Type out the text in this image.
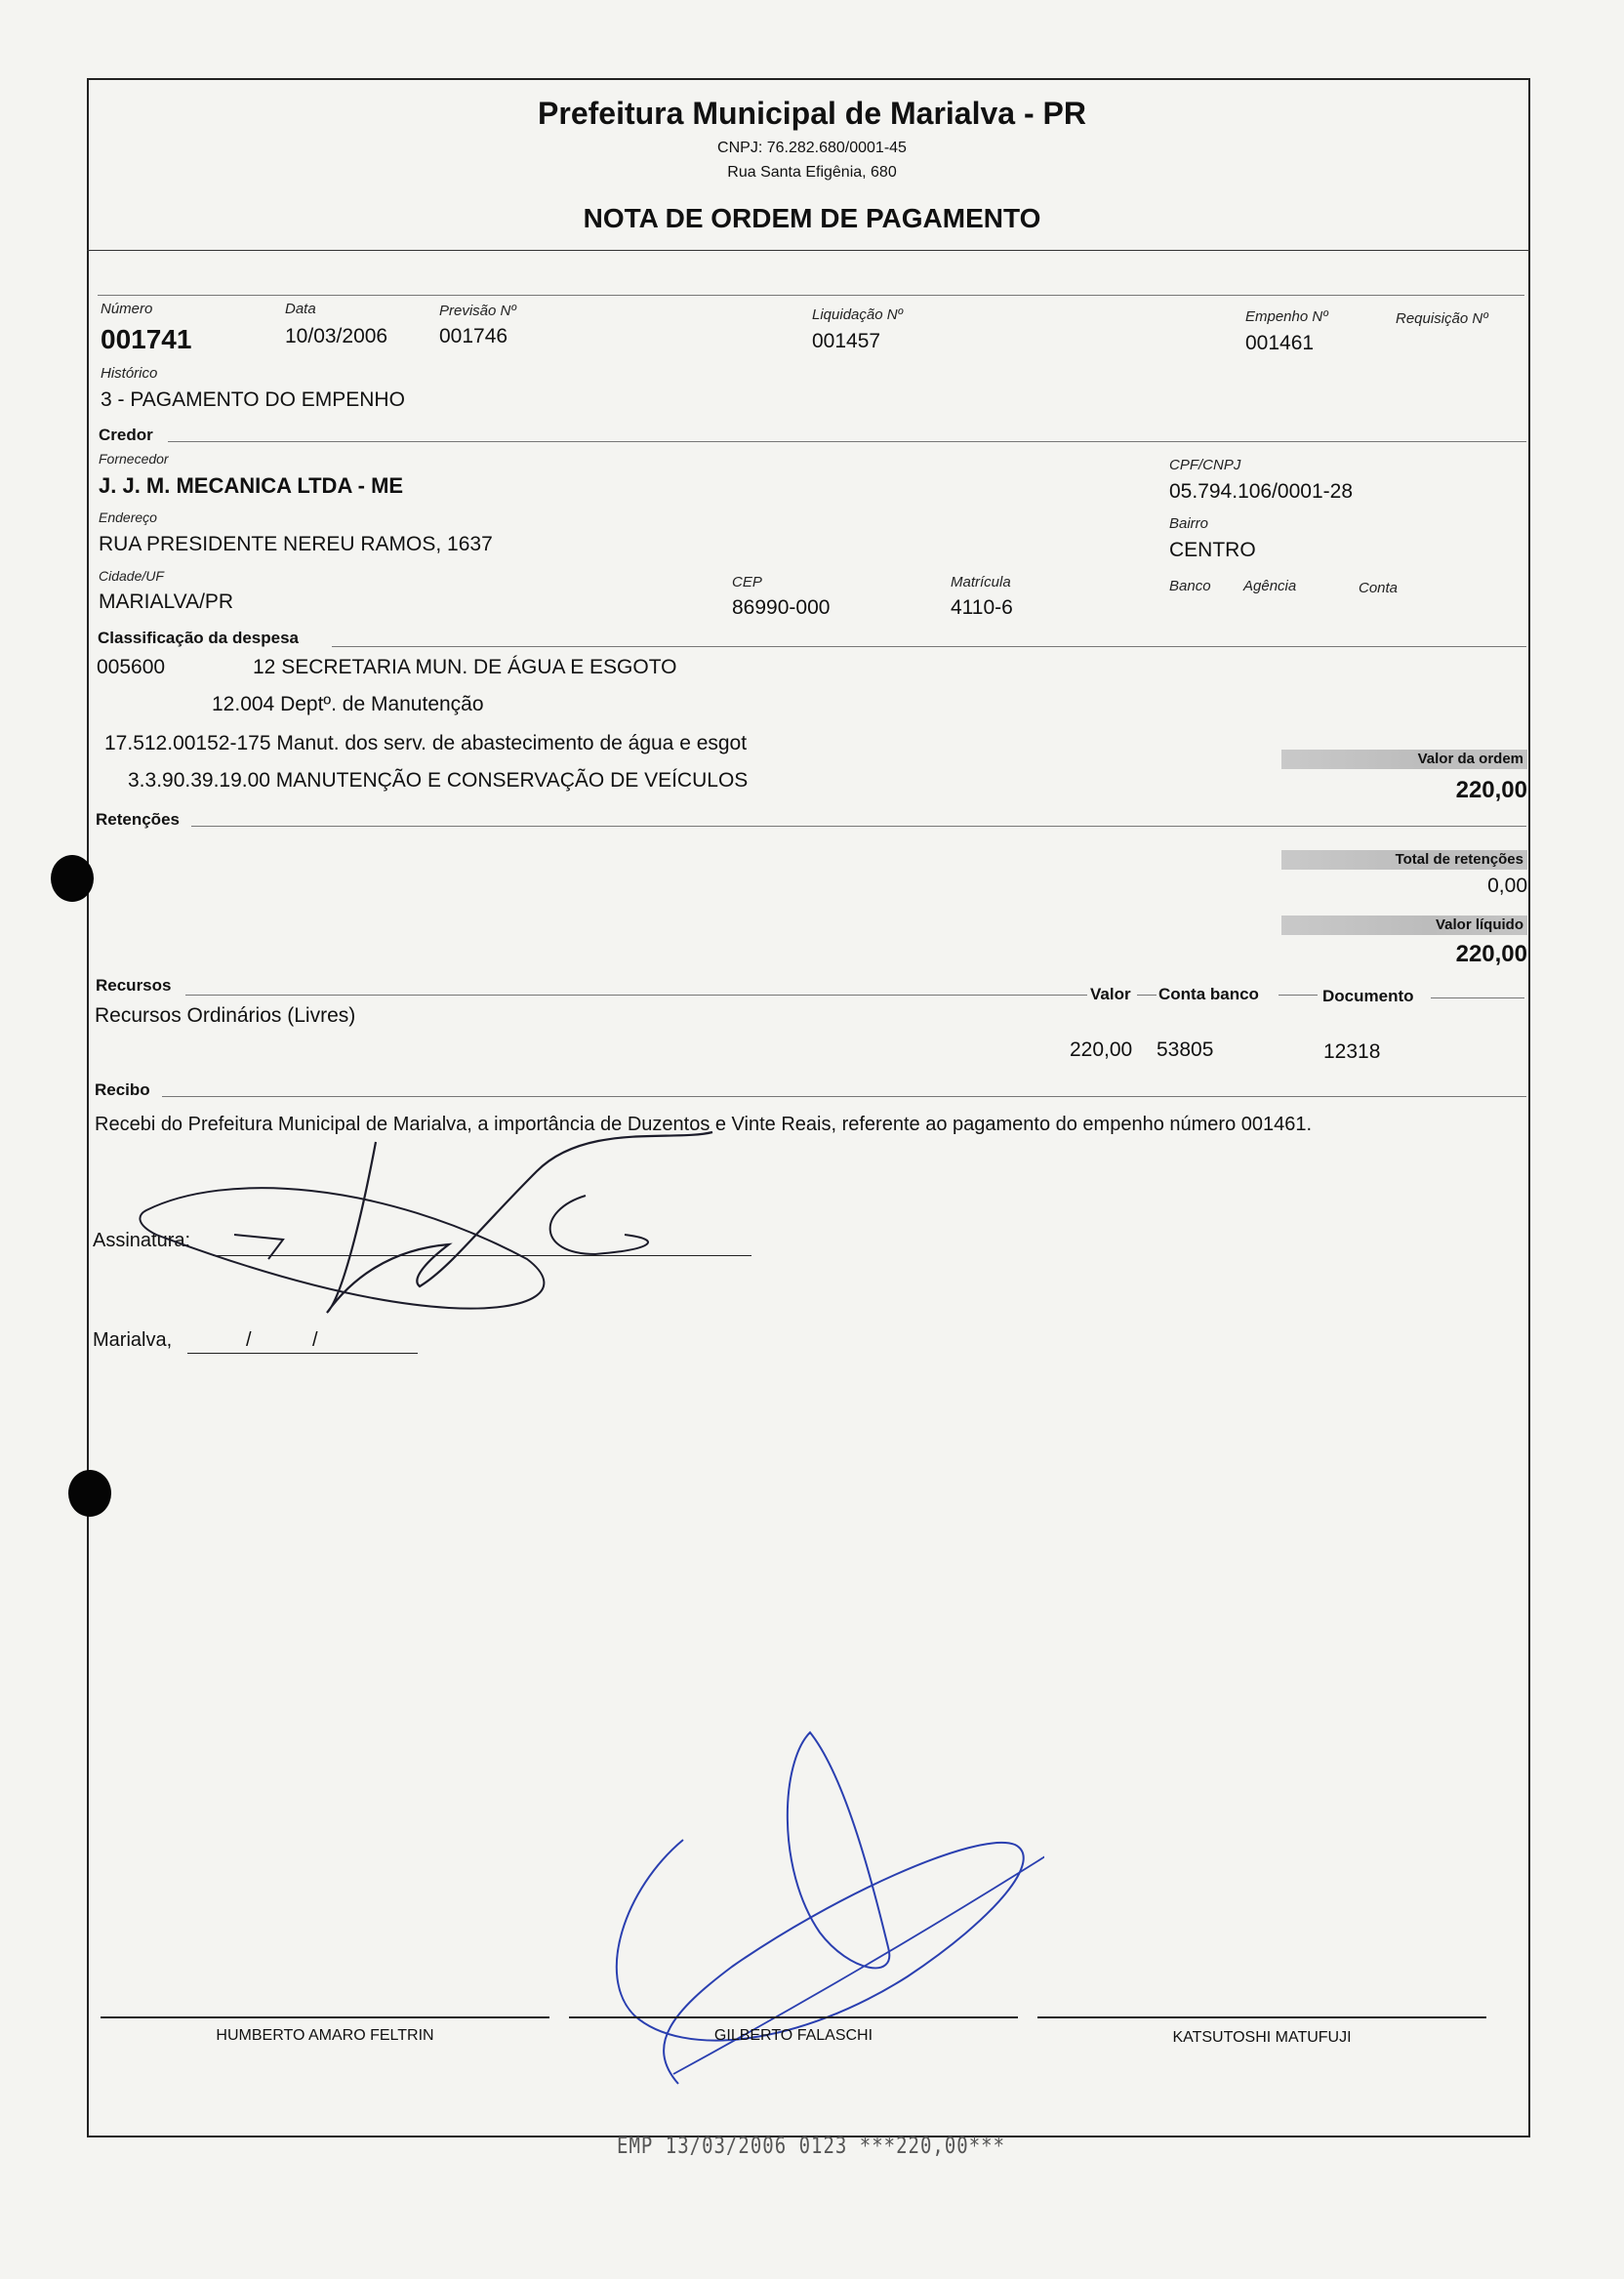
Prefeitura Municipal de Marialva - PR
CNPJ: 76.282.680/0001-45
Rua Santa Efigênia, 680
NOTA DE ORDEM DE PAGAMENTO
Número
001741
Data
10/03/2006
Previsão Nº
001746
Liquidação Nº
001457
Empenho Nº
001461
Requisição Nº
Histórico
3 - PAGAMENTO DO EMPENHO
Credor
Fornecedor
J. J. M. MECANICA LTDA - ME
CPF/CNPJ
05.794.106/0001-28
Endereço
RUA PRESIDENTE NEREU RAMOS, 1637
Bairro
CENTRO
Cidade/UF
MARIALVA/PR
CEP
86990-000
Matrícula
4110-6
Banco Agência	Conta
Classificação da despesa
005600	12 SECRETARIA MUN. DE ÁGUA E ESGOTO
12.004 Deptº. de Manutenção
17.512.00152-175 Manut. dos serv. de abastecimento de água e esgot
3.3.90.39.19.00 MANUTENÇÃO E CONSERVAÇÃO DE VEÍCULOS
Valor da ordem
220,00
Retenções
Total de retenções
0,00
Valor líquido
220,00
Recursos	Valor Conta banco	Documento
Recursos Ordinários (Livres)
220,00 53805	12318
Recibo
Recebi do Prefeitura Municipal de Marialva, a importância de Duzentos e Vinte Reais, referente ao pagamento do empenho número 001461.
Assinatura:
Marialva,	/	/
HUMBERTO AMARO FELTRIN	GILBERTO FALASCHI	KATSUTOSHI MATUFUJI
EMP 13/03/2006 0123 ***220,00***
